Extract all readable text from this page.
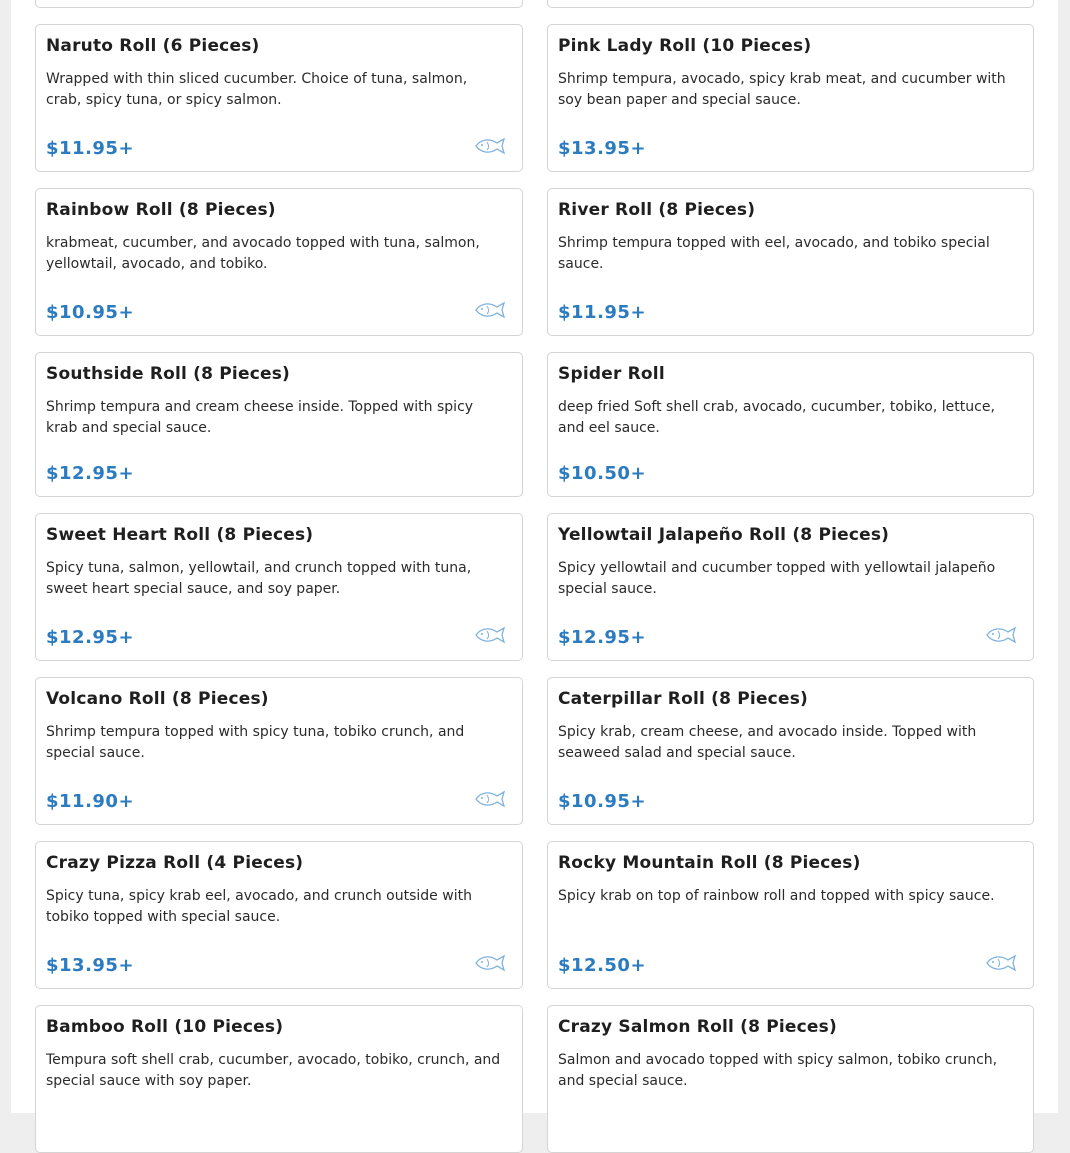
Naruto Roll (6 Pieces)

Wrapped with thin sliced cucumber. Choice of tuna, salmon, crab, spicy tuna, or spicy salmon.

$11.95+
Pink Lady Roll (10 Pieces)

Shrimp tempura, avocado, spicy krab meat, and cucumber with soy bean paper and special sauce.

$13.95+
Rainbow Roll (8 Pieces)

krabmeat, cucumber, and avocado topped with tuna, salmon, yellowtail, avocado, and tobiko.

$10.95+
River Roll (8 Pieces)

Shrimp tempura topped with eel, avocado, and tobiko special sauce.

$11.95+
Southside Roll (8 Pieces)

Shrimp tempura and cream cheese inside. Topped with spicy krab and special sauce.

$12.95+
Spider Roll

deep fried Soft shell crab, avocado, cucumber, tobiko, lettuce, and eel sauce.

$10.50+
Sweet Heart Roll (8 Pieces)

Spicy tuna, salmon, yellowtail, and crunch topped with tuna, sweet heart special sauce, and soy paper.

$12.95+
Yellowtail Jalapeño Roll (8 Pieces)

Spicy yellowtail and cucumber topped with yellowtail jalapeño special sauce.

$12.95+
Volcano Roll (8 Pieces)

Shrimp tempura topped with spicy tuna, tobiko crunch, and special sauce.

$11.90+
Caterpillar Roll (8 Pieces)

Spicy krab, cream cheese, and avocado inside. Topped with seaweed salad and special sauce.

$10.95+
Crazy Pizza Roll (4 Pieces)

Spicy tuna, spicy krab eel, avocado, and crunch outside with tobiko topped with special sauce.

$13.95+
Rocky Mountain Roll (8 Pieces)

Spicy krab on top of rainbow roll and topped with spicy sauce.

$12.50+
Bamboo Roll (10 Pieces)

Tempura soft shell crab, cucumber, avocado, tobiko, crunch, and special sauce with soy paper.

Crazy Salmon Roll (8 Pieces)

Salmon and avocado topped with spicy salmon, tobiko crunch, and special sauce.
